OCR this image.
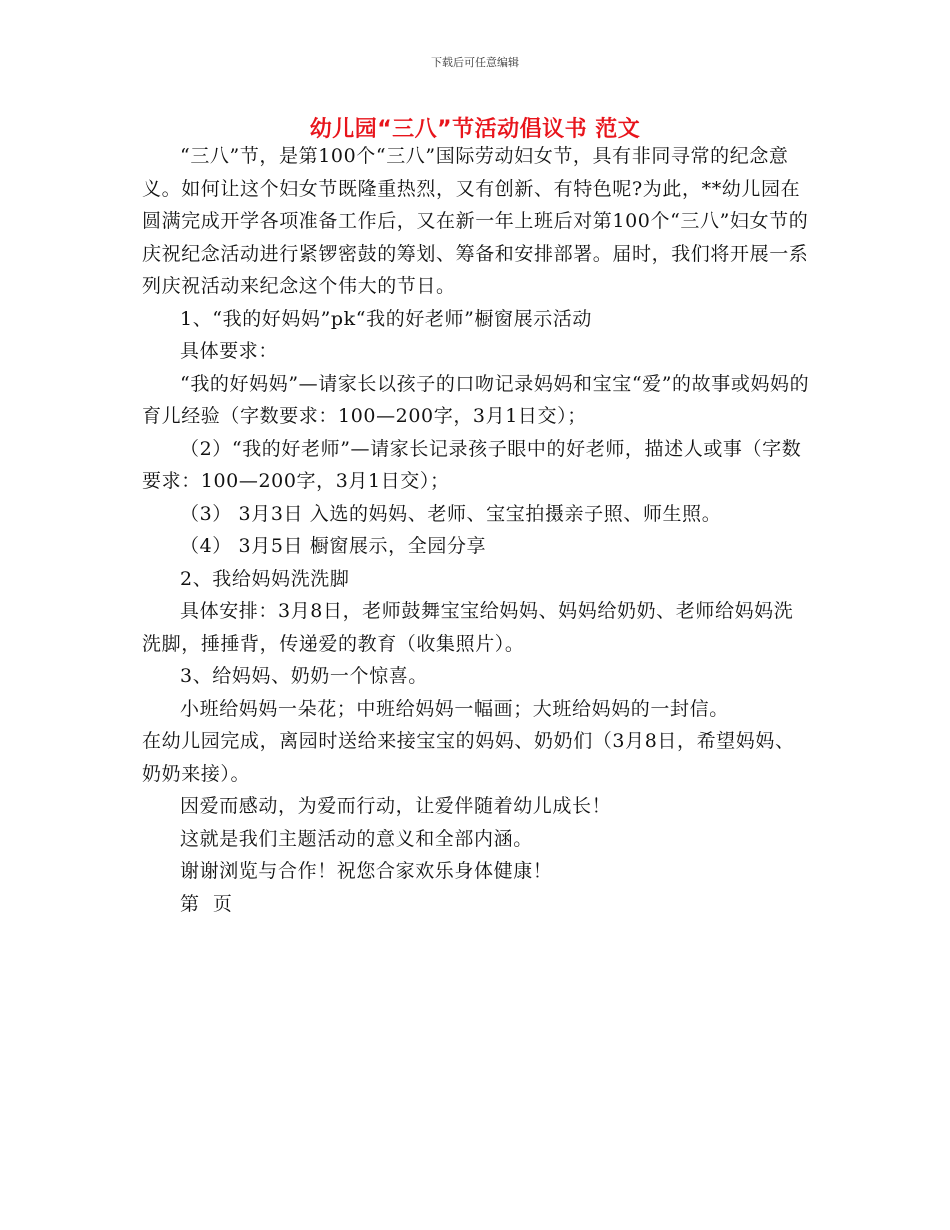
下载后可任意编辑
幼儿园“三八”节活动倡议书 范文

“三八”节，是第100个“三八”国际劳动妇女节，具有非同寻常的纪念意义。如何让这个妇女节既隆重热烈，又有创新、有特色呢?为此，**幼儿园在圆满完成开学各项准备工作后，又在新一年上班后对第100个“三八”妇女节的庆祝纪念活动进行紧锣密鼓的筹划、筹备和安排部署。届时，我们将开展一系列庆祝活动来纪念这个伟大的节日。

1、“我的好妈妈”pk“我的好老师”橱窗展示活动

具体要求：

“我的好妈妈”—请家长以孩子的口吻记录妈妈和宝宝“爱”的故事或妈妈的育儿经验（字数要求：100—200字，3月1日交）；

（2）“我的好老师”—请家长记录孩子眼中的好老师，描述人或事（字数要求：100—200字，3月1日交）；

（3） 3月3日 入选的妈妈、老师、宝宝拍摄亲子照、师生照。

（4） 3月5日 橱窗展示，全园分享

2、我给妈妈洗洗脚

具体安排：3月8日，老师鼓舞宝宝给妈妈、妈妈给奶奶、老师给妈妈洗洗脚，捶捶背，传递爱的教育（收集照片）。

3、给妈妈、奶奶一个惊喜。

小班给妈妈一朵花；中班给妈妈一幅画；大班给妈妈的一封信。

在幼儿园完成，离园时送给来接宝宝的妈妈、奶奶们（3月8日，希望妈妈、奶奶来接）。

因爱而感动，为爱而行动，让爱伴随着幼儿成长！

这就是我们主题活动的意义和全部内涵。

谢谢浏览与合作！祝您合家欢乐身体健康！

第  页
